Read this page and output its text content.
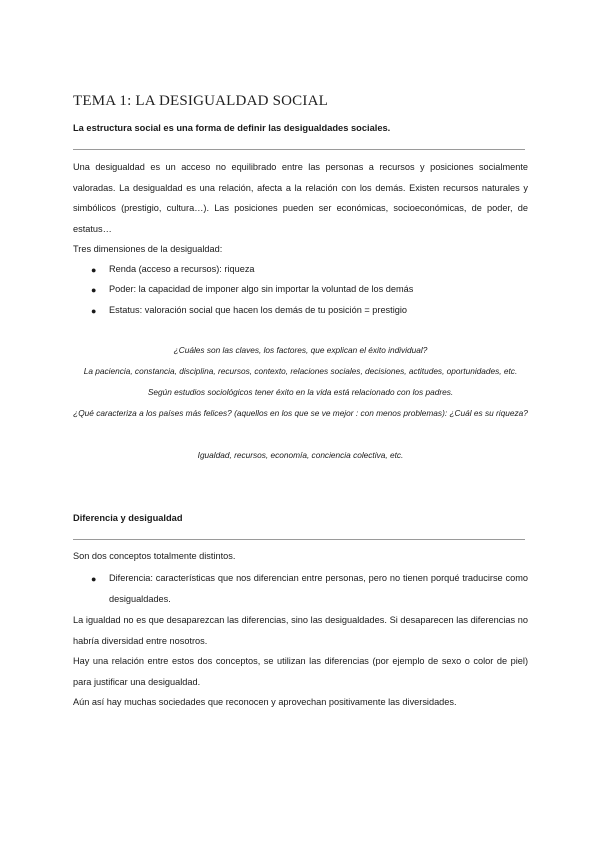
TEMA 1: LA DESIGUALDAD SOCIAL
La estructura social es una forma de definir las desigualdades sociales.
Una desigualdad es un acceso no equilibrado entre las personas a recursos y posiciones socialmente valoradas. La desigualdad es una relación, afecta a la relación con los demás. Existen recursos naturales y simbólicos (prestigio, cultura…). Las posiciones pueden ser económicas, socioeconómicas, de poder, de estatus…
Tres dimensiones de la desigualdad:
● Renda (acceso a recursos): riqueza
● Poder: la capacidad de imponer algo sin importar la voluntad de los demás
● Estatus: valoración social que hacen los demás de tu posición = prestigio
¿Cuáles son las claves, los factores, que explican el éxito individual?
La paciencia, constancia, disciplina, recursos, contexto, relaciones sociales, decisiones, actitudes, oportunidades, etc. Según estudios sociológicos tener éxito en la vida está relacionado con los padres.
¿Qué caracteriza a los países más felices? (aquellos en los que se ve mejor : con menos problemas): ¿Cuál es su riqueza?
Igualdad, recursos, economía, conciencia colectiva, etc.
Diferencia y desigualdad
Son dos conceptos totalmente distintos.
● Diferencia: características que nos diferencian entre personas, pero no tienen porqué traducirse como desigualdades.
La igualdad no es que desaparezcan las diferencias, sino las desigualdades. Si desaparecen las diferencias no habría diversidad entre nosotros.
Hay una relación entre estos dos conceptos, se utilizan las diferencias (por ejemplo de sexo o color de piel) para justificar una desigualdad.
Aún así hay muchas sociedades que reconocen y aprovechan positivamente las diversidades.
